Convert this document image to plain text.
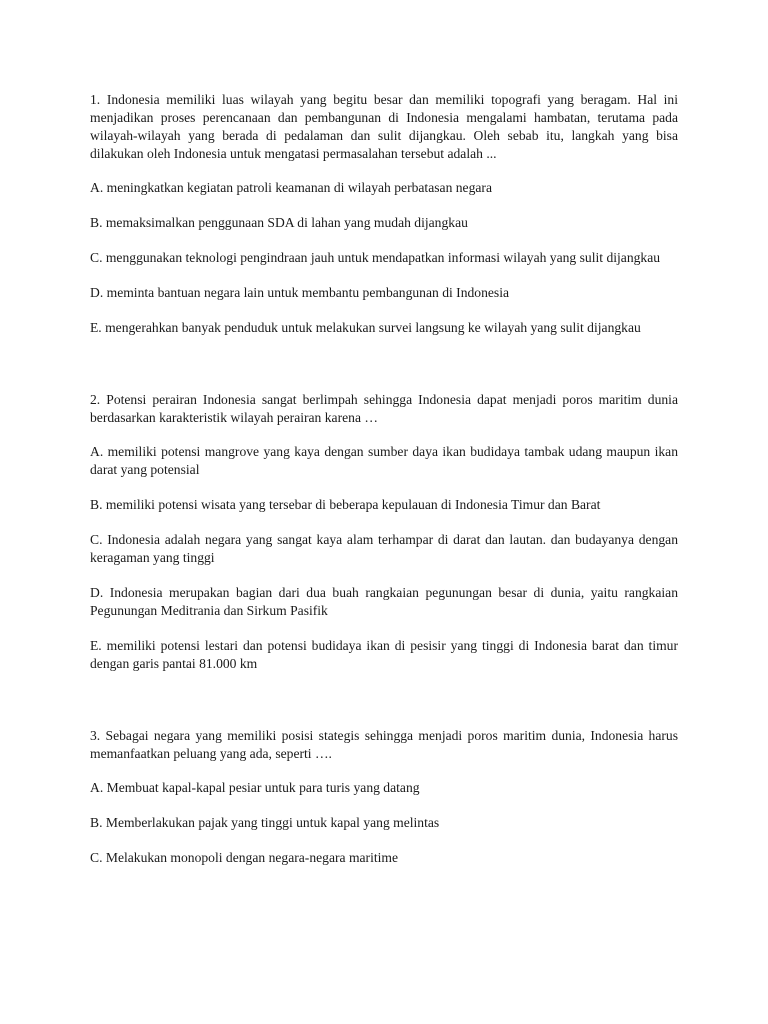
1. Indonesia memiliki luas wilayah yang begitu besar dan memiliki topografi yang beragam. Hal ini menjadikan proses perencanaan dan pembangunan di Indonesia mengalami hambatan, terutama pada wilayah-wilayah yang berada di pedalaman dan sulit dijangkau. Oleh sebab itu, langkah yang bisa dilakukan oleh Indonesia untuk mengatasi permasalahan tersebut adalah ...

A. meningkatkan kegiatan patroli keamanan di wilayah perbatasan negara

B. memaksimalkan penggunaan SDA di lahan yang mudah dijangkau

C. menggunakan teknologi pengindraan jauh untuk mendapatkan informasi wilayah yang sulit dijangkau

D. meminta bantuan negara lain untuk membantu pembangunan di Indonesia

E. mengerahkan banyak penduduk untuk melakukan survei langsung ke wilayah yang sulit dijangkau

2. Potensi perairan Indonesia sangat berlimpah sehingga Indonesia dapat menjadi poros maritim dunia berdasarkan karakteristik wilayah perairan karena …

A. memiliki potensi mangrove yang kaya dengan sumber daya ikan budidaya tambak udang maupun ikan darat yang potensial

B. memiliki potensi wisata yang tersebar di beberapa kepulauan di Indonesia Timur dan Barat

C. Indonesia adalah negara yang sangat kaya alam terhampar di darat dan lautan. dan budayanya dengan keragaman yang tinggi

D. Indonesia merupakan bagian dari dua buah rangkaian pegunungan besar di dunia, yaitu rangkaian Pegunungan Meditrania dan Sirkum Pasifik

E. memiliki potensi lestari dan potensi budidaya ikan di pesisir yang tinggi di Indonesia barat dan timur dengan garis pantai 81.000 km

3. Sebagai negara yang memiliki posisi stategis sehingga menjadi poros maritim dunia, Indonesia harus memanfaatkan peluang yang ada, seperti ….

A. Membuat kapal-kapal pesiar untuk para turis yang datang

B. Memberlakukan pajak yang tinggi untuk kapal yang melintas

C. Melakukan monopoli dengan negara-negara maritime
